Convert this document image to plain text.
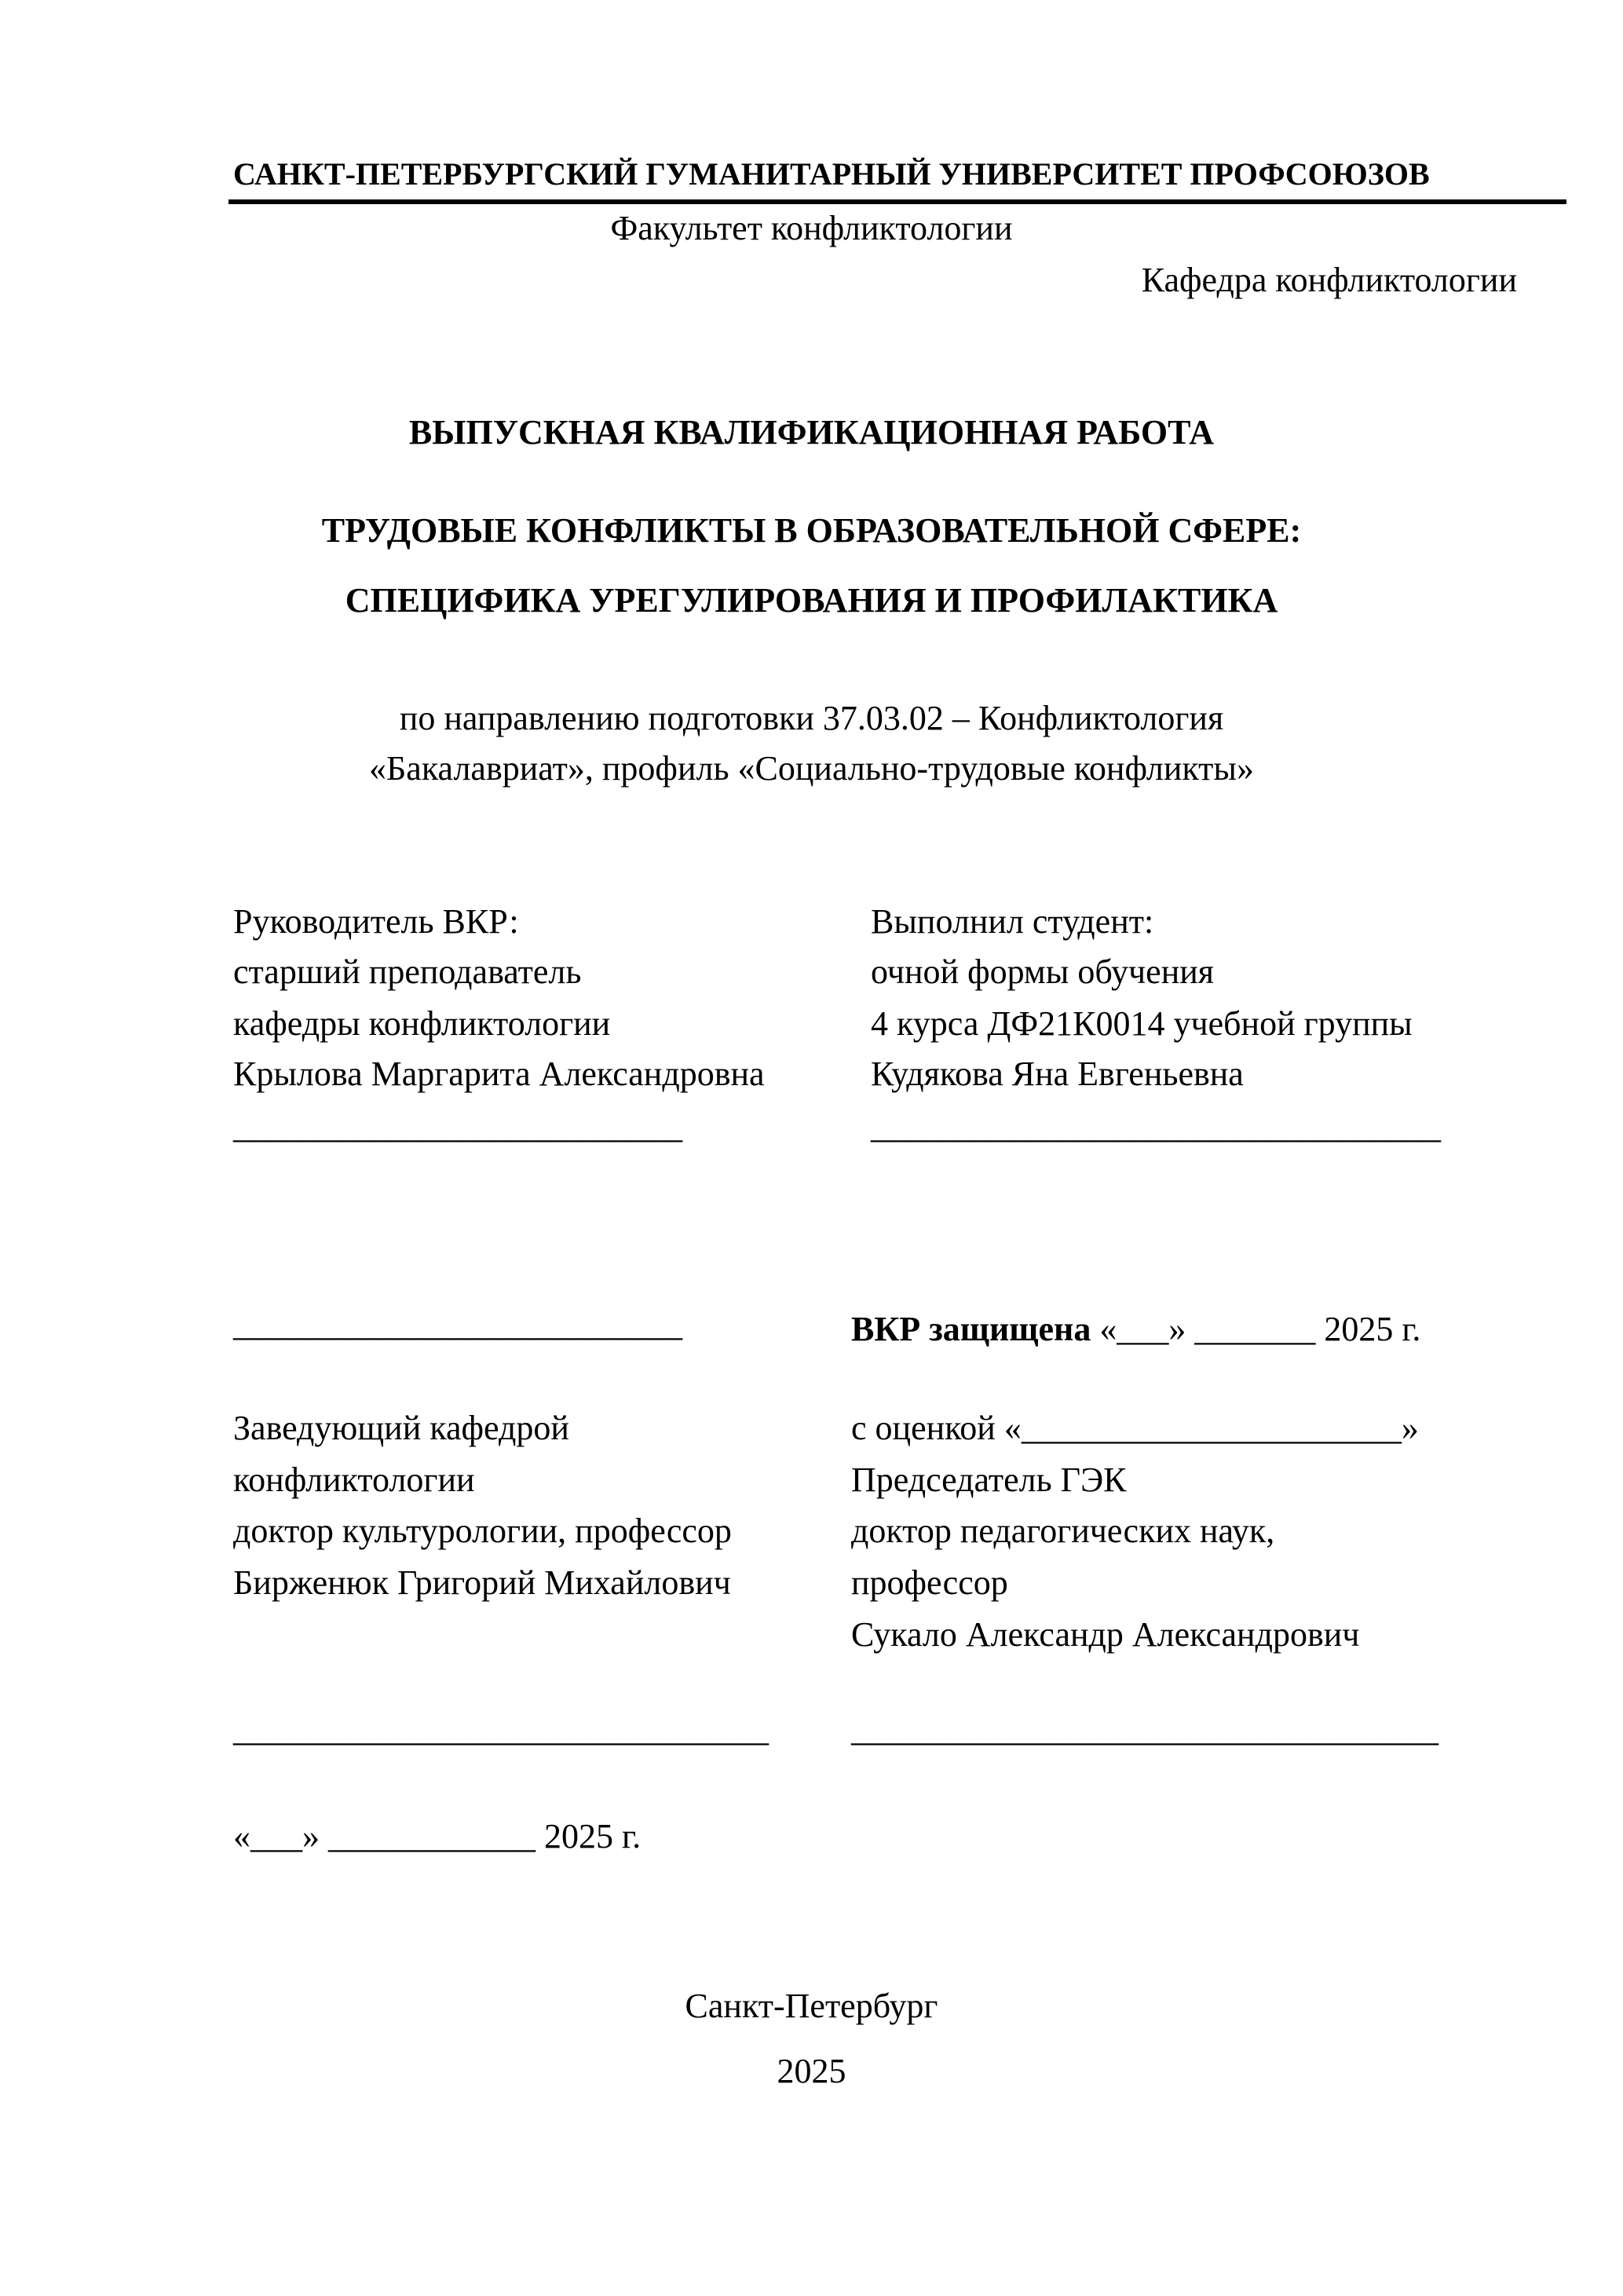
САНКТ-ПЕТЕРБУРГСКИЙ ГУМАНИТАРНЫЙ УНИВЕРСИТЕТ ПРОФСОЮЗОВ
Факультет конфликтологии
Кафедра конфликтологии
ВЫПУСКНАЯ КВАЛИФИКАЦИОННАЯ РАБОТА
ТРУДОВЫЕ КОНФЛИКТЫ В ОБРАЗОВАТЕЛЬНОЙ СФЕРЕ:
СПЕЦИФИКА УРЕГУЛИРОВАНИЯ И ПРОФИЛАКТИКА
по направлению подготовки 37.03.02 – Конфликтология
«Бакалавриат», профиль «Социально-трудовые конфликты»
Руководитель ВКР:
старший преподаватель
кафедры конфликтологии
Крылова Маргарита Александровна
__________________________
Выполнил студент:
очной формы обучения
4 курса ДФ21К0014 учебной группы
Кудякова Яна Евгеньевна
_________________________________
__________________________	ВКР защищена «___» _______ 2025 г.
Заведующий кафедрой
конфликтологии
доктор культурологии, профессор
Бирженюк Григорий Михайлович
_______________________________
с оценкой «______________________»
Председатель ГЭК
доктор педагогических наук,
профессор
Сукало Александр Александрович
__________________________________
«___» ____________ 2025 г.
Санкт-Петербург
2025
